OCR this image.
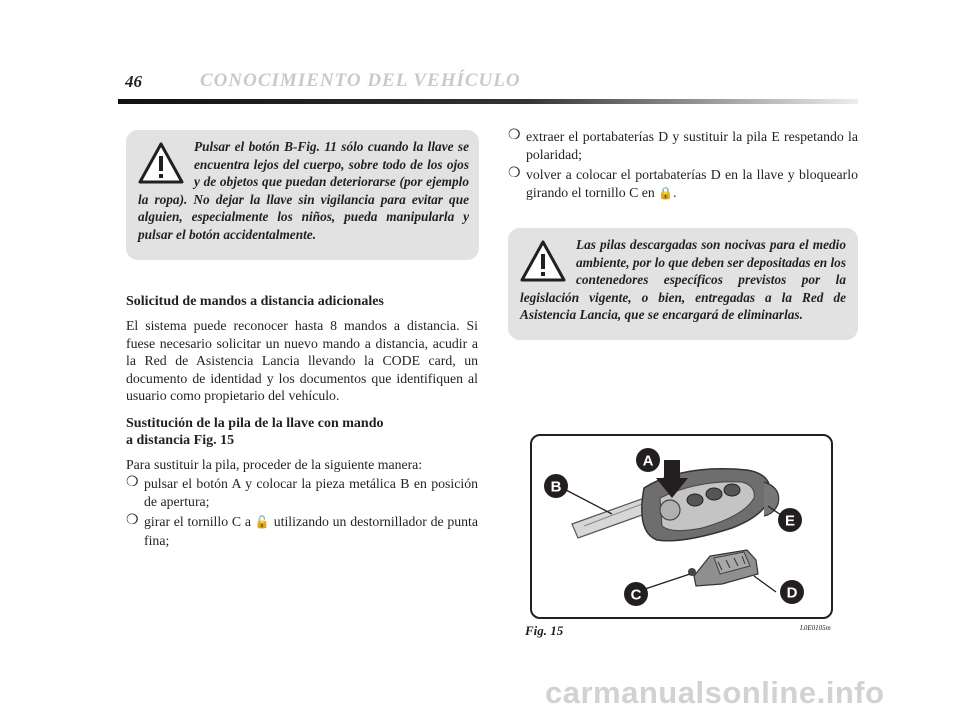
46	CONOCIMIENTO DEL VEHÍCULO

Pulsar el botón B-Fig. 11 sólo cuando la llave se encuentra lejos del cuerpo, sobre todo de los ojos y de objetos que puedan deteriorarse (por ejemplo la ropa). No dejar la llave sin vigilancia para evitar que alguien, especialmente los niños, pueda manipularla y pulsar el botón accidentalmente.

Solicitud de mandos a distancia adicionales

El sistema puede reconocer hasta 8 mandos a distancia. Si fuese necesario solicitar un nuevo mando a distancia, acudir a la Red de Asistencia Lancia llevando la CODE card, un documento de identidad y los documentos que identifiquen al usuario como propietario del vehículo.

Sustitución de la pila de la llave con mando
a distancia Fig. 15

Para sustituir la pila, proceder de la siguiente manera:

❍ pulsar el botón A y colocar la pieza metálica B en posición de apertura;
❍ girar el tornillo C a 🔓 utilizando un destornillador de punta fina;
❍ extraer el portabaterías D y sustituir la pila E respetando la polaridad;
❍ volver a colocar el portabaterías D en la llave y bloquearlo girando el tornillo C en 🔒.

Las pilas descargadas son nocivas para el medio ambiente, por lo que deben ser depositadas en los contenedores específicos previstos por la legislación vigente, o bien, entregadas a la Red de Asistencia Lancia, que se encargará de eliminarlas.

A
B
E
C	D
Fig. 15	L0E0105m
carmanualsonline.info
